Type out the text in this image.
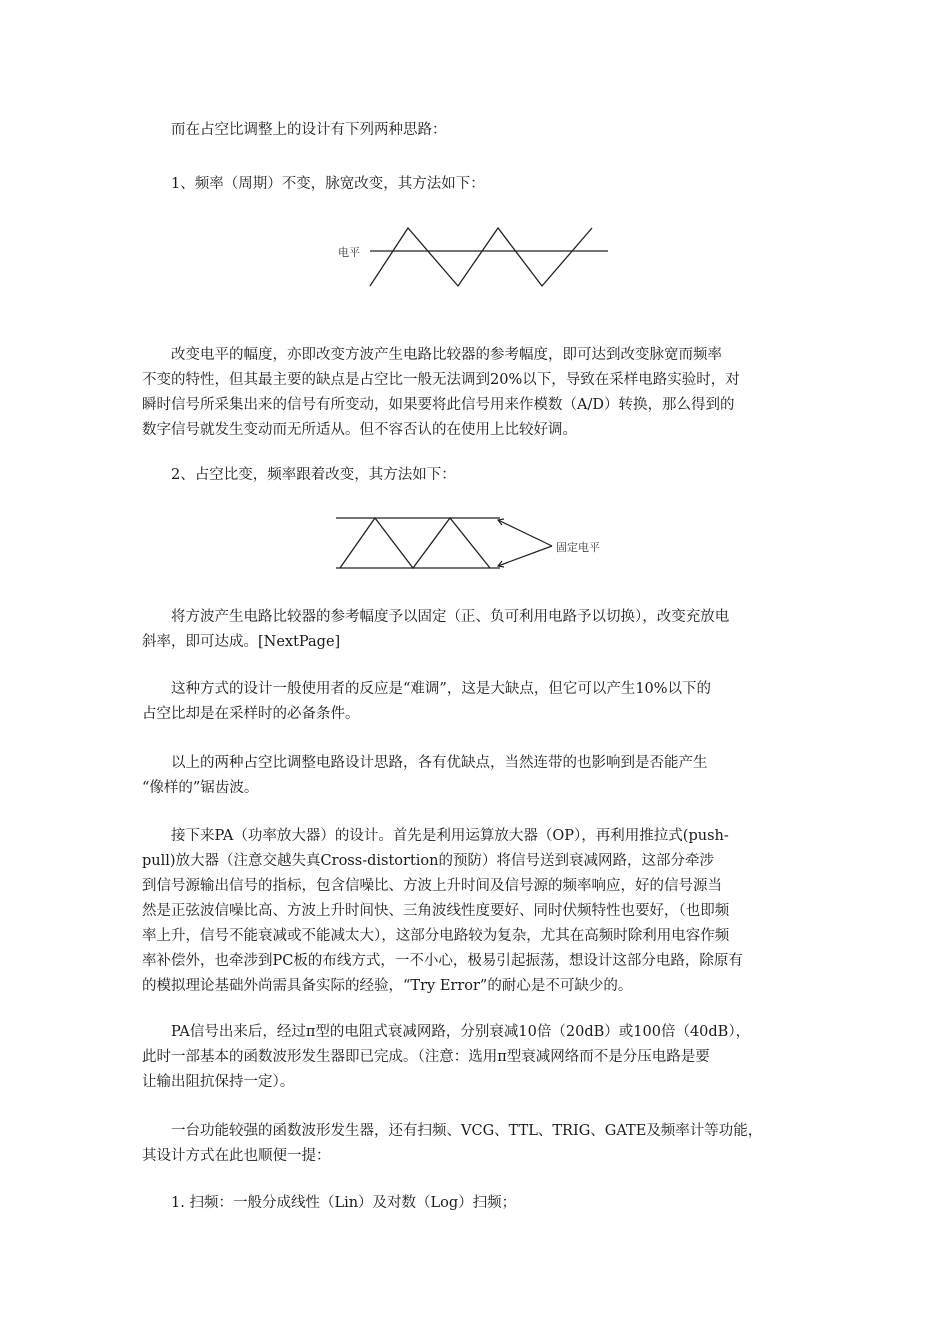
　　而在占空比调整上的设计有下列两种思路：

　　1、频率（周期）不变，脉宽改变，其方法如下：

电平

　　改变电平的幅度，亦即改变方波产生电路比较器的参考幅度，即可达到改变脉宽而频率
不变的特性，但其最主要的缺点是占空比一般无法调到20%以下，导致在采样电路实验时，对
瞬时信号所采集出来的信号有所变动，如果要将此信号用来作模数（A/D）转换，那么得到的
数字信号就发生变动而无所适从。但不容否认的在使用上比较好调。

　　2、占空比变，频率跟着改变，其方法如下：

固定电平

　　将方波产生电路比较器的参考幅度予以固定（正、负可利用电路予以切换），改变充放电
斜率，即可达成。[NextPage]

　　这种方式的设计一般使用者的反应是“难调”，这是大缺点，但它可以产生10%以下的
占空比却是在采样时的必备条件。

　　以上的两种占空比调整电路设计思路，各有优缺点，当然连带的也影响到是否能产生
“像样的”锯齿波。

　　接下来PA（功率放大器）的设计。首先是利用运算放大器（OP），再利用推拉式(push-
pull)放大器（注意交越失真Cross-distortion的预防）将信号送到衰减网路，这部分牵涉
到信号源输出信号的指标，包含信噪比、方波上升时间及信号源的频率响应，好的信号源当
然是正弦波信噪比高、方波上升时间快、三角波线性度要好、同时伏频特性也要好，（也即频
率上升，信号不能衰减或不能减太大），这部分电路较为复杂，尤其在高频时除利用电容作频
率补偿外，也牵涉到PC板的布线方式，一不小心，极易引起振荡，想设计这部分电路，除原有
的模拟理论基础外尚需具备实际的经验，“Try Error”的耐心是不可缺少的。

　　PA信号出来后，经过π型的电阻式衰减网路，分别衰减10倍（20dB）或100倍（40dB），
此时一部基本的函数波形发生器即已完成。（注意：选用π型衰减网络而不是分压电路是要
让输出阻抗保持一定）。

　　一台功能较强的函数波形发生器，还有扫频、VCG、TTL、TRIG、GATE及频率计等功能，
其设计方式在此也顺便一提：

　　1. 扫频：一般分成线性（Lin）及对数（Log）扫频；
